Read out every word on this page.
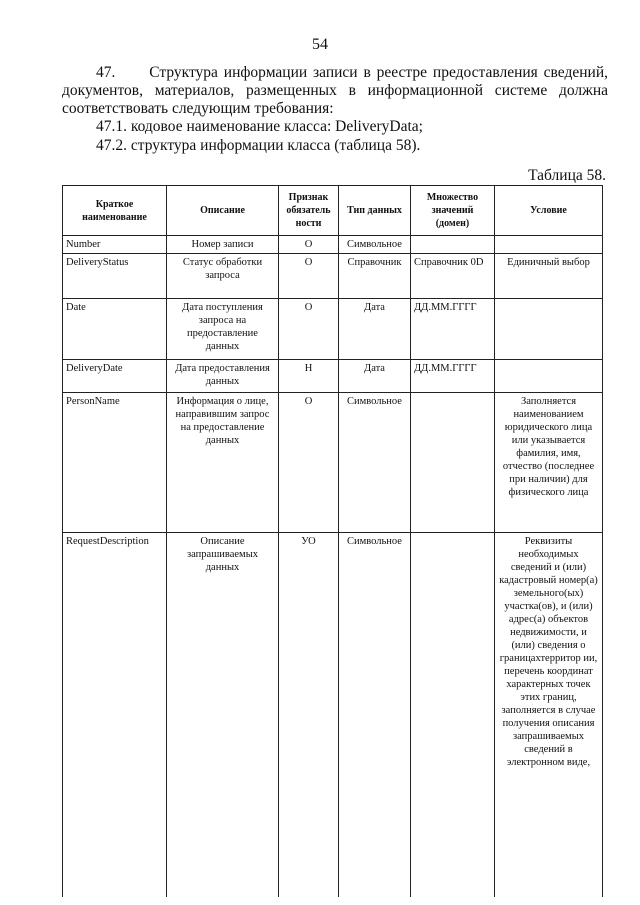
54
47. Структура информации записи в реестре предоставления сведений, документов, материалов, размещенных в информационной системе должна соответствовать следующим требования:
47.1. кодовое наименование класса: DeliveryData;
47.2. структура информации класса (таблица 58).
Таблица 58.
Краткое наименование	Описание	Признак обязатель ности	Тип данных	Множество значений (домен)	Условие
Number	Номер записи	О	Символьное		
DeliveryStatus	Статус обработки запроса	О	Справочник	Справочник 0D	Единичный выбор
Date	Дата поступления запроса на предоставление данных	О	Дата	ДД.ММ.ГГГГ	
DeliveryDate	Дата предоставления данных	Н	Дата	ДД.ММ.ГГГГ	
PersonName	Информация о лице, направившим запрос на предоставление данных	О	Символьное		Заполняется наименованием юридического лица или указывается фамилия, имя, отчество (последнее при наличии) для физического лица
RequestDescription	Описание запрашиваемых данных	УО	Символьное		Реквизиты необходимых сведений и (или) кадастровый номер(а) земельного(ых) участка(ов), и (или) адрес(а) объектов недвижимости, и (или) сведения о границахтерритор ии, перечень координат характерных точек этих границ, заполняется в случае получения описания запрашиваемых сведений в электронном виде,
